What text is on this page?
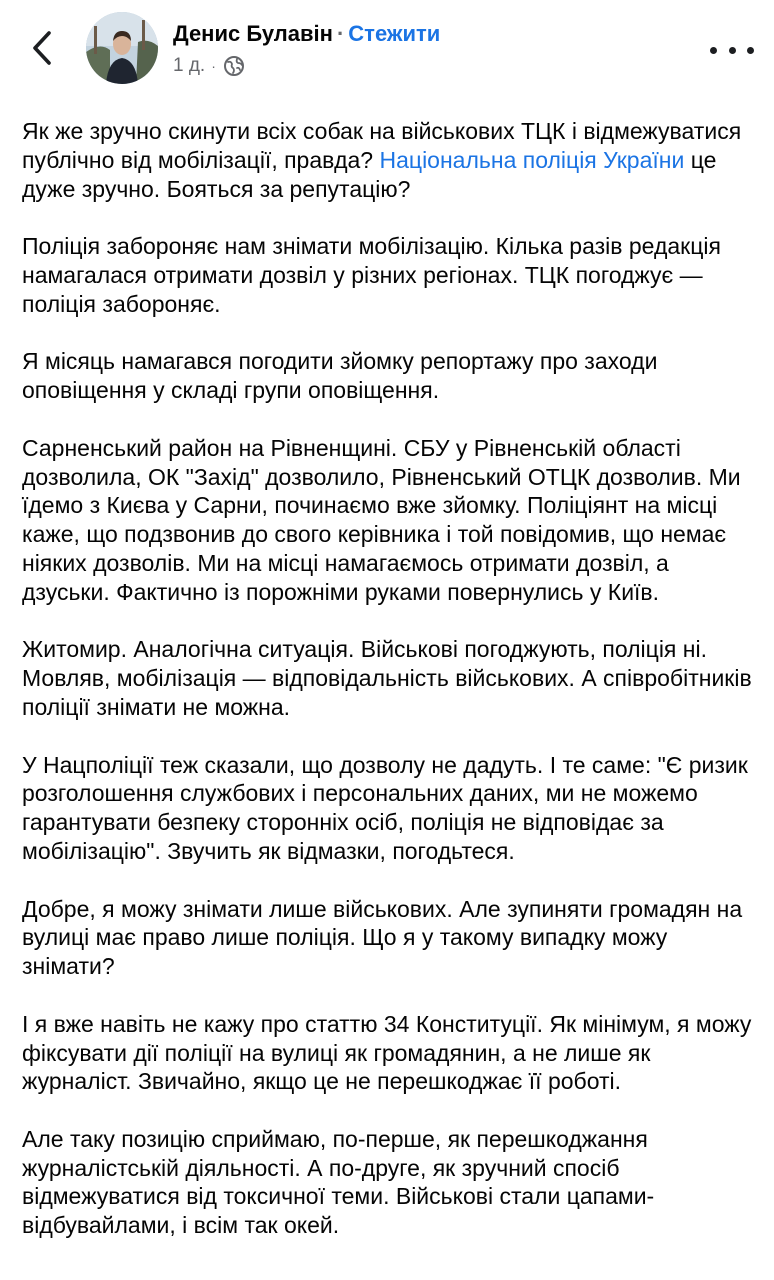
Денис Булавін · Стежити
1 д. ·

Як же зручно скинути всіх собак на військових ТЦК і відмежуватися публічно від мобілізації, правда? Національна поліція України це дуже зручно. Бояться за репутацію?

Поліція забороняє нам знімати мобілізацію. Кілька разів редакція намагалася отримати дозвіл у різних регіонах. ТЦК погоджує — поліція забороняє.

Я місяць намагався погодити зйомку репортажу про заходи оповіщення у складі групи оповіщення.

Сарненський район на Рівненщині. СБУ у Рівненській області дозволила, ОК "Захід" дозволило, Рівненський ОТЦК дозволив. Ми їдемо з Києва у Сарни, починаємо вже зйомку. Поліціянт на місці каже, що подзвонив до свого керівника і той повідомив, що немає ніяких дозволів. Ми на місці намагаємось отримати дозвіл, а дзуськи. Фактично із порожніми руками повернулись у Київ.

Житомир. Аналогічна ситуація. Військові погоджують, поліція ні. Мовляв, мобілізація — відповідальність військових. А співробітників поліції знімати не можна.

У Нацполіції теж сказали, що дозволу не дадуть. І те саме: "Є ризик розголошення службових і персональних даних, ми не можемо гарантувати безпеку сторонніх осіб, поліція не відповідає за мобілізацію". Звучить як відмазки, погодьтеся.

Добре, я можу знімати лише військових. Але зупиняти громадян на вулиці має право лише поліція. Що я у такому випадку можу знімати?

І я вже навіть не кажу про статтю 34 Конституції. Як мінімум, я можу фіксувати дії поліції на вулиці як громадянин, а не лише як журналіст. Звичайно, якщо це не перешкоджає її роботі.

Але таку позицію сприймаю, по-перше, як перешкоджання журналістській діяльності. А по-друге, як зручний спосіб відмежуватися від токсичної теми. Військові стали цапами-відбувайлами, і всім так окей.
